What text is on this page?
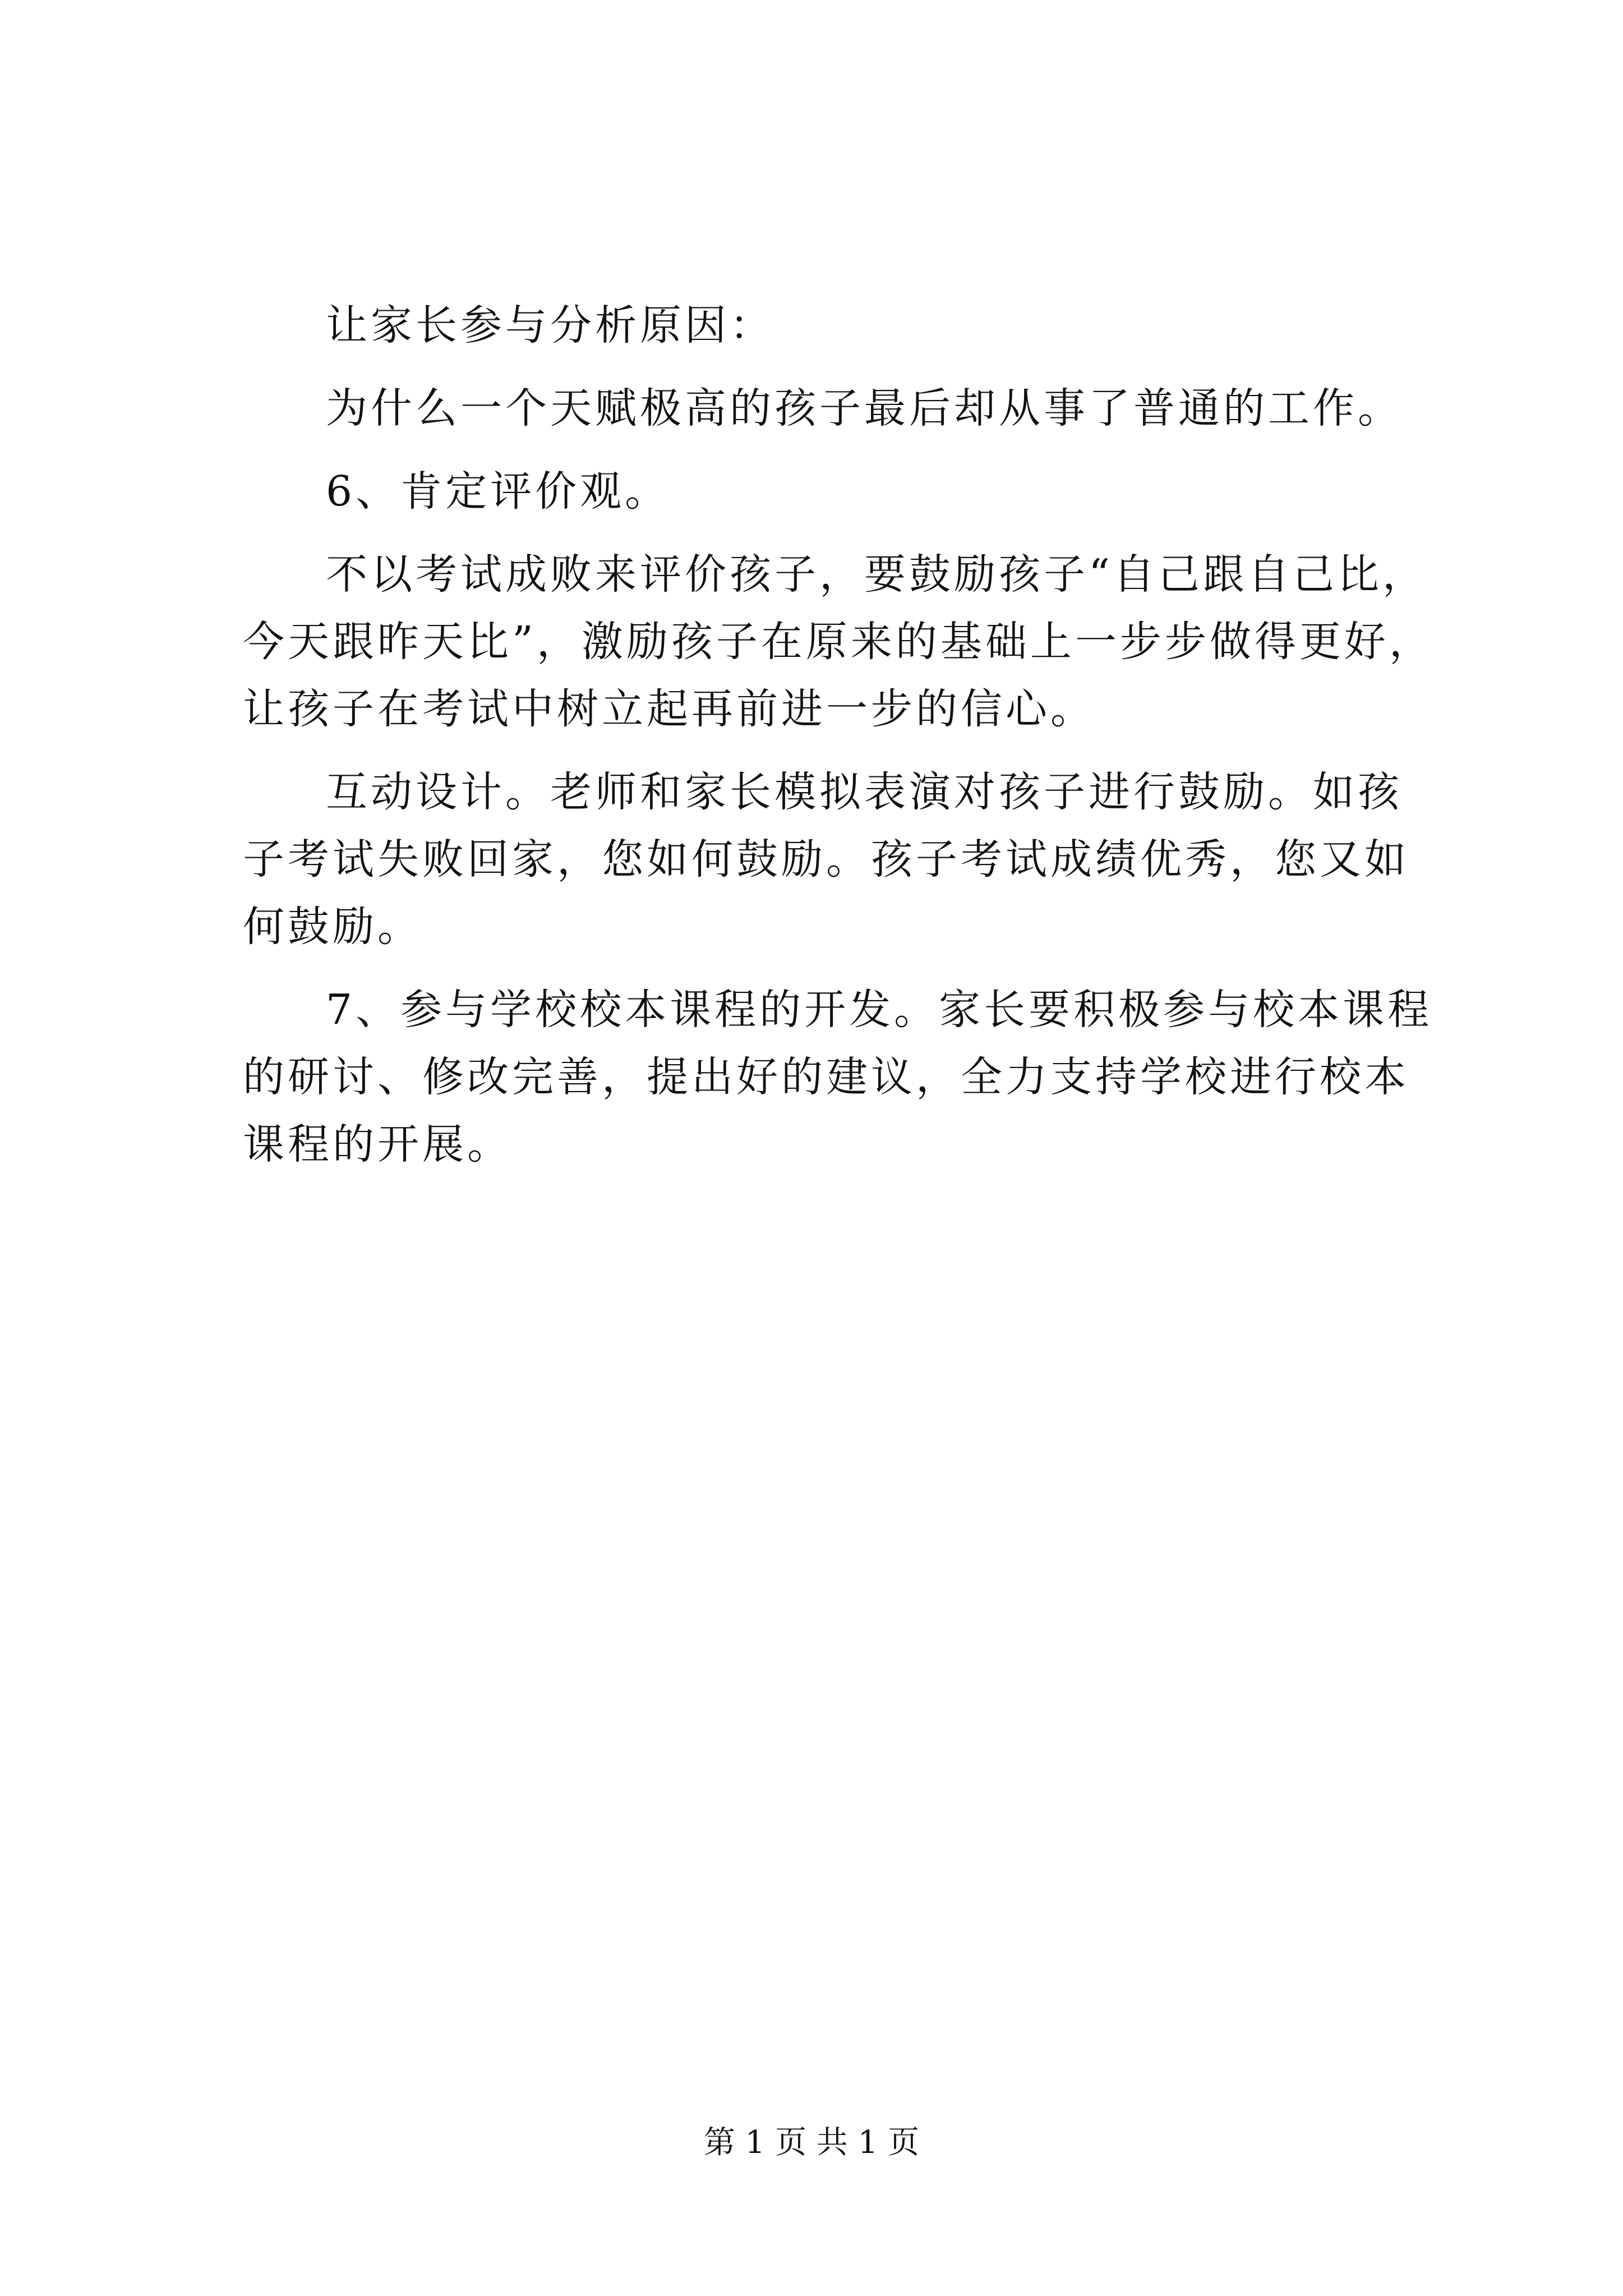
让家长参与分析原因：

为什么一个天赋极高的孩子最后却从事了普通的工作。

6、肯定评价观。

不以考试成败来评价孩子，要鼓励孩子“自己跟自己比，今天跟昨天比”，激励孩子在原来的基础上一步步做得更好，让孩子在考试中树立起再前进一步的信心。

互动设计。老师和家长模拟表演对孩子进行鼓励。如孩子考试失败回家，您如何鼓励。孩子考试成绩优秀，您又如何鼓励。

7、参与学校校本课程的开发。家长要积极参与校本课程的研讨、修改完善，提出好的建议，全力支持学校进行校本课程的开展。

第 1 页 共 1 页
